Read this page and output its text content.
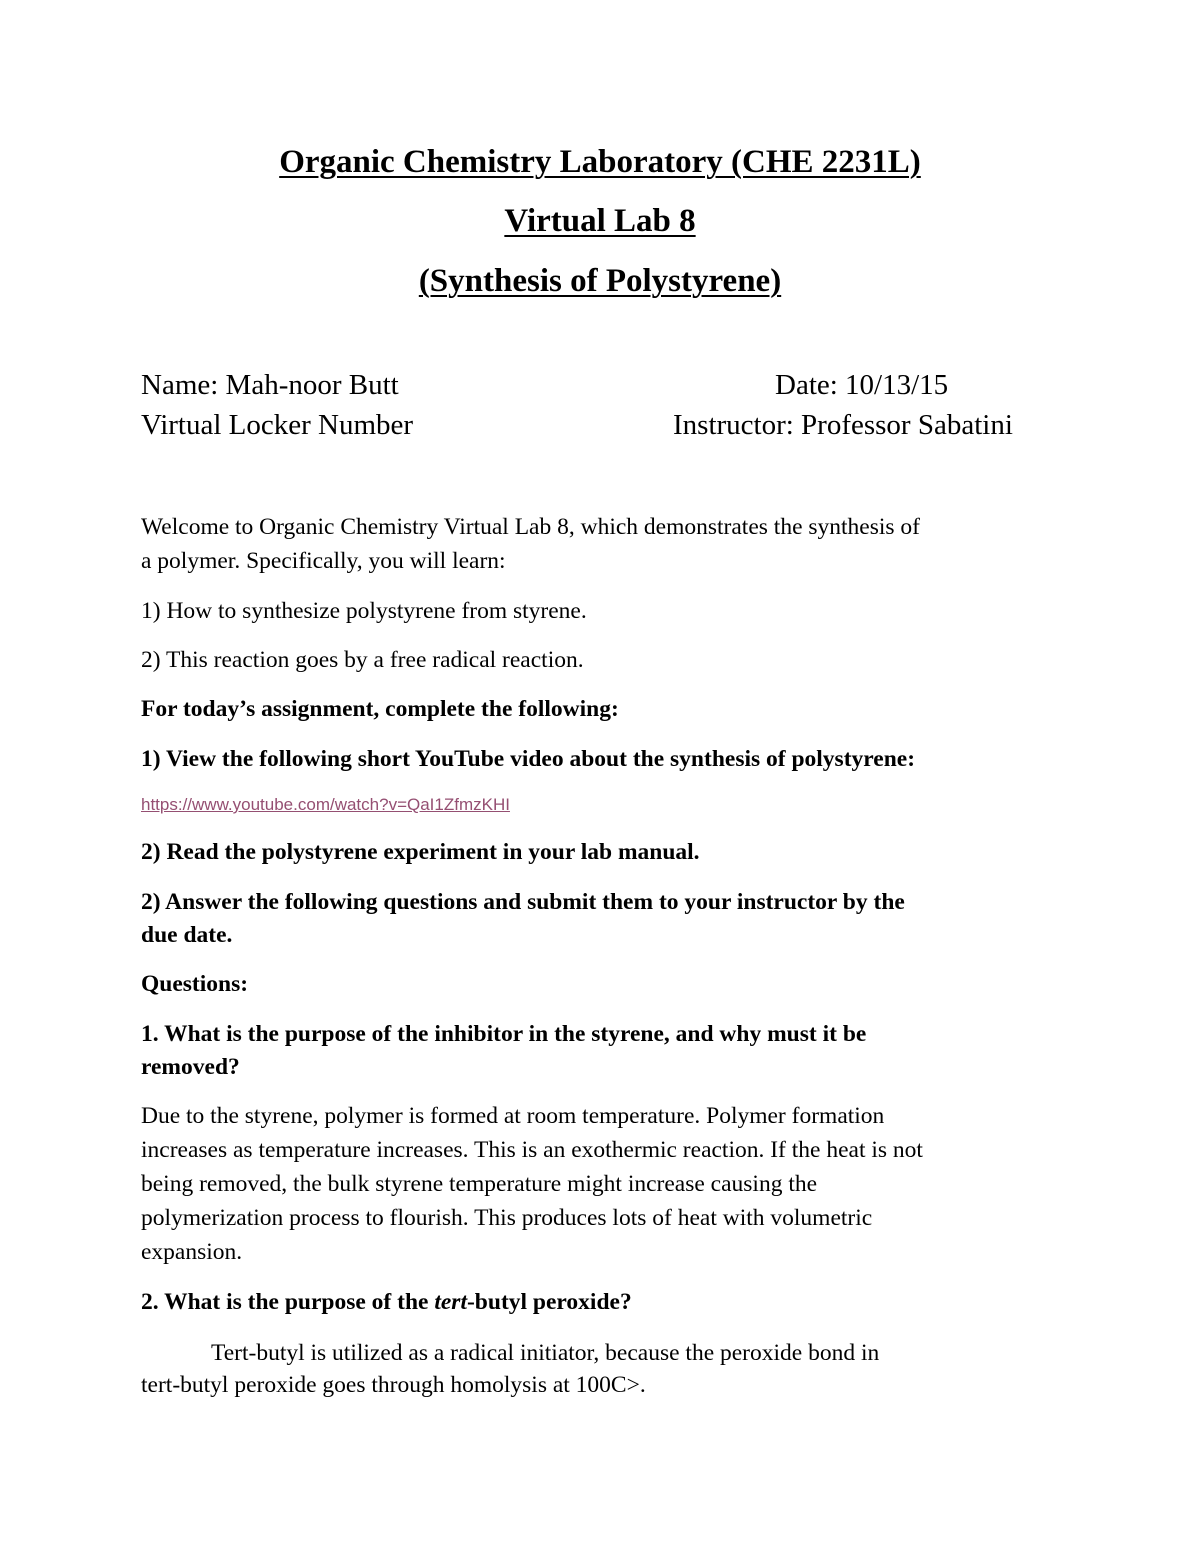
Organic Chemistry Laboratory (CHE 2231L)
Virtual Lab 8
(Synthesis of Polystyrene)
Name: Mah-noor Butt	Date: 10/13/15
Virtual Locker Number	Instructor: Professor Sabatini
Welcome to Organic Chemistry Virtual Lab 8, which demonstrates the synthesis of
a polymer. Specifically, you will learn:
1) How to synthesize polystyrene from styrene.
2) This reaction goes by a free radical reaction.
For today’s assignment, complete the following:
1) View the following short YouTube video about the synthesis of polystyrene:
https://www.youtube.com/watch?v=QaI1ZfmzKHI
2) Read the polystyrene experiment in your lab manual.
2) Answer the following questions and submit them to your instructor by the
due date.
Questions:
1. What is the purpose of the inhibitor in the styrene, and why must it be
removed?
Due to the styrene, polymer is formed at room temperature. Polymer formation
increases as temperature increases. This is an exothermic reaction. If the heat is not
being removed, the bulk styrene temperature might increase causing the
polymerization process to flourish. This produces lots of heat with volumetric
expansion.
2. What is the purpose of the tert-butyl peroxide?
Tert-butyl is utilized as a radical initiator, because the peroxide bond in
tert-butyl peroxide goes through homolysis at 100C>.
